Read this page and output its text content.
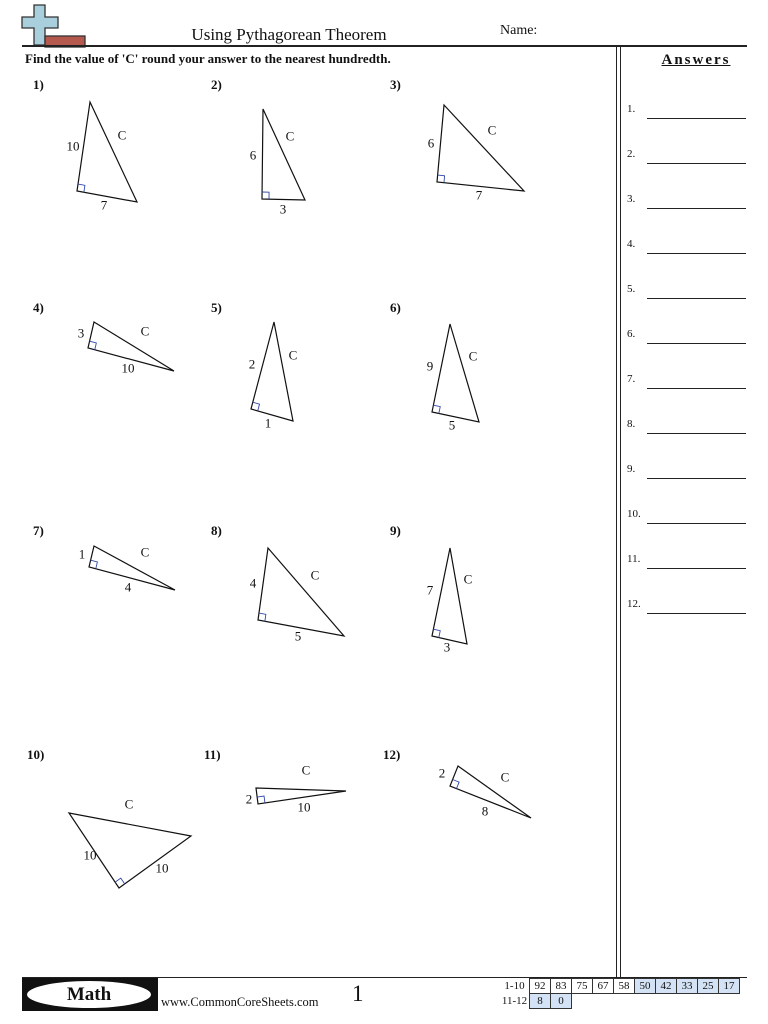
Using Pythagorean Theorem	Name:
Find the value of 'C' round your answer to the nearest hundredth.
1)
10
C
7
2)
6
C
3
3)
6
C
7
4)
3	C
10
5)
2
C
1
6)
9
C
5
7)
1	C
4
8)
4
C
5
9)
7
C
3
10)
10
C
10
11)
2
C
10
12)
2	C
8
Answers
1.
2.
3.
4.
5.
6.
7.
8.
9.
10.
11.
12.
Math	www.CommonCoreSheets.com 1	1-10 92 83 75 67 58 50 42 33 25 17
11-12 8	0
